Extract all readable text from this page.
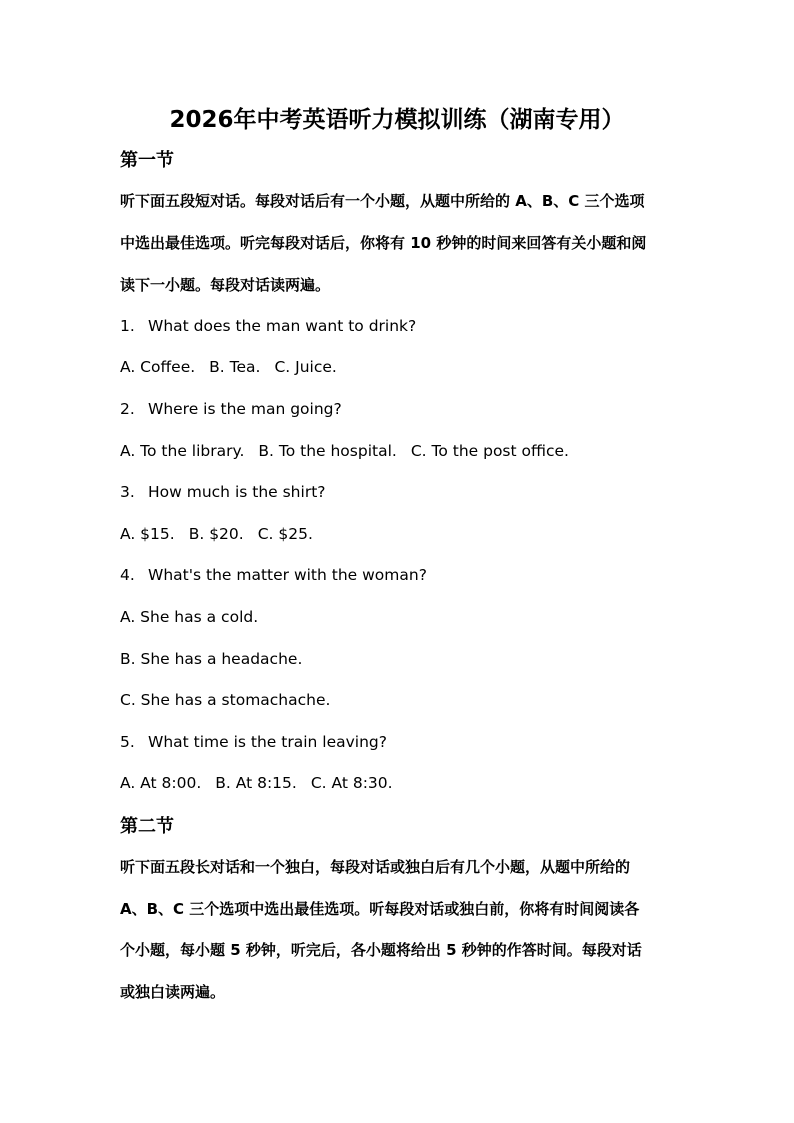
2026年中考英语听力模拟训练（湖南专用）
第一节

听下面五段短对话。每段对话后有一个小题，从题中所给的 A、B、C 三个选项

中选出最佳选项。听完每段对话后，你将有 10 秒钟的时间来回答有关小题和阅

读下一小题。每段对话读两遍。

1. What does the man want to drink?

A. Coffee. B. Tea. C. Juice.

2. Where is the man going?

A. To the library. B. To the hospital. C. To the post office.

3. How much is the shirt?

A. $15. B. $20. C. $25.

4. What's the matter with the woman?

A. She has a cold.

B. She has a headache.

C. She has a stomachache.

5. What time is the train leaving?

A. At 8:00. B. At 8:15. C. At 8:30.

第二节

听下面五段长对话和一个独白，每段对话或独白后有几个小题，从题中所给的

A、B、C 三个选项中选出最佳选项。听每段对话或独白前，你将有时间阅读各

个小题，每小题 5 秒钟，听完后，各小题将给出 5 秒钟的作答时间。每段对话

或独白读两遍。
